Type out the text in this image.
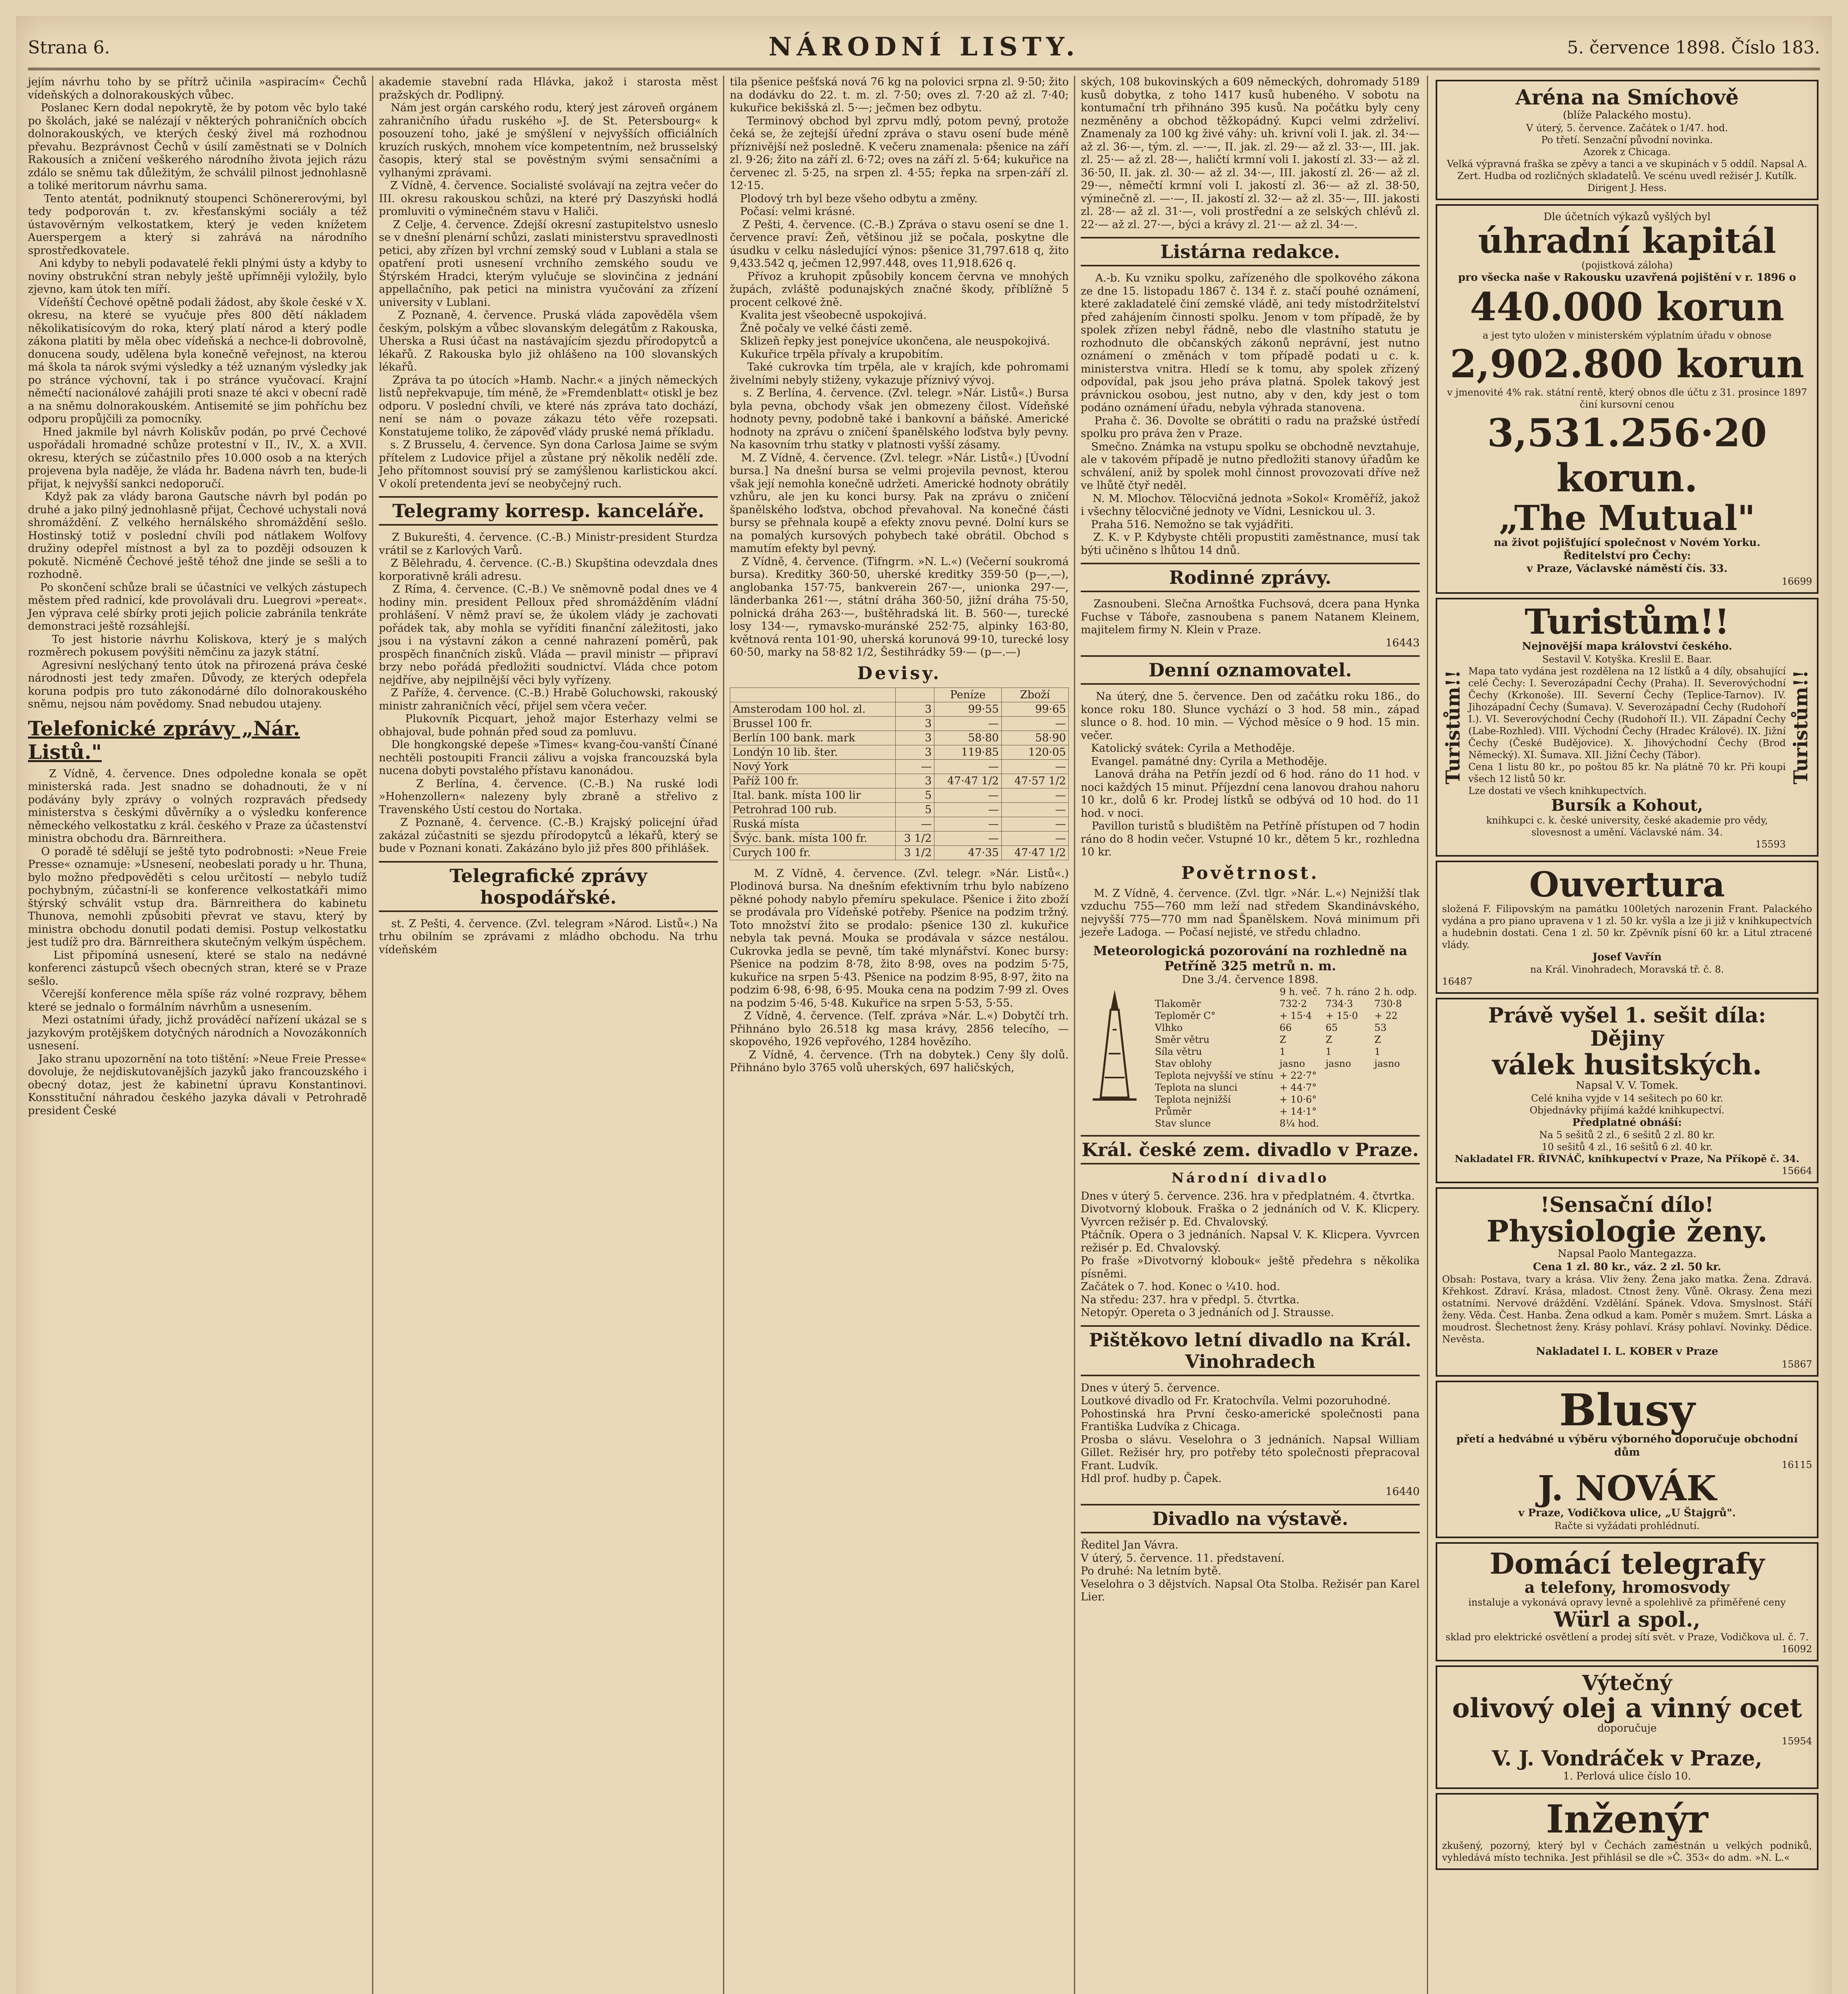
Strana 6.	NÁRODNÍ LISTY.	5. července 1898. Číslo 183.
jejím návrhu toho by se přítrž učinila »aspiracím« Čechů vídeňských a dolnorakouských vůbec.
Poslanec Kern dodal nepokrytě, že by potom věc bylo také po školách, jaké se nalézají v některých pohraničních obcích dolnorakouských, ve kterých český živel má rozhodnou převahu. Bezprávnost Čechů v úsilí zaměstnati se v Dolních Rakousích a zničení veškerého národního života jejich rázu zdálo se sněmu tak důležitým, že schválil pilnost jednohlasně a toliké meritorum návrhu sama.
Tento atentát, podniknutý stoupenci Schönererovými, byl tedy podporován t. zv. křesťanskými sociály a též ústavověrným velkostatkem, který je veden knížetem Auerspergem a který si zahrává na národního sprostředkovatele.
Ani kdyby to nebyli podavatelé řekli plnými ústy a kdyby to noviny obstrukční stran nebyly ještě upřímněji vyložily, bylo zjevno, kam útok ten míří.
Vídeňští Čechové opětně podali žádost, aby škole české v X. okresu, na které se vyučuje přes 800 dětí nákladem několikatisícovým do roka, který platí národ a který podle zákona platiti by měla obec vídeňská a nechce-li dobrovolně, donucena soudy, udělena byla konečně veřejnost, na kterou má škola ta nárok svými výsledky a též uznaným výsledky jak po stránce výchovní, tak i po stránce vyučovací. Krajní němečtí nacionálové zahájili proti snaze té akci v obecní radě a na sněmu dolnorakouském. Antisemité se jim pohříchu bez odporu propůjčili za pomocníky.
Hned jakmile byl návrh Koliskův podán, po prvé Čechové uspořádali hromadné schůze protestní v II., IV., X. a XVII. okresu, kterých se zúčastnilo přes 10.000 osob a na kterých projevena byla naděje, že vláda hr. Badena návrh ten, bude-li přijat, k nejvyšší sankci nedoporučí.
Když pak za vlády barona Gautsche návrh byl podán po druhé a jako pilný jednohlasně přijat, Čechové uchystali nová shromáždění. Z velkého hernálského shromáždění sešlo. Hostinský totiž v poslední chvíli pod nátlakem Wolfovy družiny odepřel místnost a byl za to později odsouzen k pokutě. Nicméně Čechové ještě téhož dne jinde se sešli a to rozhodně.
Po skončení schůze brali se účastníci ve velkých zástupech městem před radnicí, kde provolávali dru. Luegrovi »pereat«. Jen výprava celé sbírky proti jejich policie zabránila tenkráte demonstraci ještě rozsáhlejší.
To jest historie návrhu Koliskova, který je s malých rozměrech pokusem povýšiti němčinu za jazyk státní.
Agresivní neslýchaný tento útok na přirozená práva české národnosti jest tedy zmařen. Důvody, ze kterých odepřela koruna podpis pro tuto zákonodárné dílo dolnorakouského sněmu, nejsou nám povědomy. Snad nebudou utajeny.
Telefonické zprávy „Nár. Listů."
Z Vídně, 4. července. Dnes odpoledne konala se opět ministerská rada. Jest snadno se dohadnouti, že v ní podávány byly zprávy o volných rozpravách předsedy ministerstva s českými důvěrníky a o výsledku konference německého velkostatku z král. českého v Praze za účastenství ministra obchodu dra. Bärnreithera.
O poradě té sdělují se ještě tyto podrobnosti: »Neue Freie Presse« oznamuje: »Usnesení, neobeslati porady u hr. Thuna, bylo možno předpověděti s celou určitostí — nebylo tudíž pochybným, zúčastní-li se konference velkostatkáři mimo štýrský schválit vstup dra. Bärnreithera do kabinetu Thunova, nemohli způsobiti převrat ve stavu, který by ministra obchodu donutil podati demisi. Postup velkostatku jest tudíž pro dra. Bärnreithera skutečným velkým úspěchem.
List připomíná usnesení, které se stalo na nedávné konferenci zástupců všech obecných stran, které se v Praze sešlo.
Včerejší konference měla spíše ráz volné rozpravy, během které se jednalo o formálním návrhům a usnesením.
Mezi ostatními úřady, jichž prováděcí nařízení ukázal se s jazykovým protějškem dotyčných národních a Novozákonních usnesení.
Jako stranu upozornění na toto tištění: »Neue Freie Presse« dovoluje, že nejdiskutovanějších jazyků jako francouzského i obecný dotaz, jest že kabinetní úpravu Konstantinovi. Konsstituční náhradou českého jazyka dávali v Petrohradě president České
akademie stavební rada Hlávka, jakož i starosta měst pražských dr. Podlipný.
Nám jest orgán carského rodu, který jest zároveň orgánem zahraničního úřadu ruského »J. de St. Petersbourg« k posouzení toho, jaké je smýšlení v nejvyšších officiálních kruzích ruských, mnohem více kompetentním, než brusselský časopis, který stal se pověstným svými sensačními a vylhanými zprávami.
Z Vídně, 4. července. Socialisté svolávají na zejtra večer do III. okresu rakouskou schůzi, na které prý Daszyński hodlá promluviti o výminečném stavu v Haliči.
Z Celje, 4. července. Zdejší okresní zastupitelstvo usneslo se v dnešní plenární schůzi, zaslati ministerstvu spravedlnosti petici, aby zřízen byl vrchní zemský soud v Lublani a stala se opatření proti usnesení vrchního zemského soudu ve Štýrském Hradci, kterým vylučuje se slovinčina z jednání appellačního, pak petici na ministra vyučování za zřízení university v Lublani.
Z Poznaně, 4. července. Pruská vláda zapověděla všem českým, polským a vůbec slovanským delegátům z Rakouska, Uherska a Rusi účast na nastávajícím sjezdu přírodopytců a lékařů. Z Rakouska bylo již ohlášeno na 100 slovanských lékařů.
Zpráva ta po útocích »Hamb. Nachr.« a jiných německých listů nepřekvapuje, tím méně, že »Fremdenblatt« otiskl je bez odporu. V poslední chvíli, ve které nás zpráva tato dochází, není se nám o povaze zákazu této věře rozepsati. Konstatujeme toliko, že zápověď vlády pruské nemá příkladu.
s. Z Brusselu, 4. července. Syn dona Carlosa Jaime se svým přítelem z Ludovice přijel a zůstane prý několik nedělí zde. Jeho přítomnost souvisí prý se zamýšlenou karlistickou akcí. V okolí pretendenta jeví se neobyčejný ruch.
Telegramy korresp. kanceláře.
Z Bukurešti, 4. července. (C.-B.) Ministr-president Sturdza vrátil se z Karlových Varů.
Z Bělehradu, 4. července. (C.-B.) Skupština odevzdala dnes korporativně králi adresu.
Z Ríma, 4. července. (C.-B.) Ve sněmovně podal dnes ve 4 hodiny min. president Pelloux před shromážděním vládní prohlášení. V němž praví se, že úkolem vlády je zachovati pořádek tak, aby mohla se vyříditi finanční záležitosti, jako jsou i na výstavní zákon a cenné nahrazení poměrů, pak prospěch finančních zisků. Vláda — pravil ministr — připraví brzy nebo pořádá předložiti soudnictví. Vláda chce potom nejdříve, aby nejpilnější věci byly vyřízeny.
Z Paříže, 4. července. (C.-B.) Hrabě Goluchowski, rakouský ministr zahraničních věcí, přijel sem včera večer.
Plukovník Picquart, jehož major Esterhazy velmi se obhajoval, bude pohnán před soud za pomluvu.
Dle hongkongské depeše »Times« kvang-čou-vanští Čínané nechtěli postoupiti Francii zálivu a vojska francouzská byla nucena dobyti povstalého přístavu kanonádou.
Z Berlína, 4. července. (C.-B.) Na ruské lodi »Hohenzollern« nalezeny byly zbraně a střelivo z Travenského Ústí cestou do Nortaka.
Z Poznaně, 4. července. (C.-B.) Krajský policejní úřad zakázal zúčastniti se sjezdu přírodopytců a lékařů, který se bude v Poznani konati. Zakázáno bylo již přes 800 přihlášek.
Telegrafické zprávy hospodářské.
st. Z Pešti, 4. července. (Zvl. telegram »Národ. Listů«.) Na trhu obilním se zprávami z mládho obchodu. Na trhu vídeňském
tila pšenice pešťská nová 76 kg na polovici srpna zl. 9·50; žito na dodávku do 22. t. m. zl. 7·50; oves zl. 7·20 až zl. 7·40; kukuřice bekišská zl. 5·—; ječmen bez odbytu.
Terminový obchod byl zprvu mdlý, potom pevný, protože čeká se, že zejtejší úřední zpráva o stavu osení bude méně příznivější než posledně. K večeru znamenala: pšenice na září zl. 9·26; žito na září zl. 6·72; oves na září zl. 5·64; kukuřice na červenec zl. 5·25, na srpen zl. 4·55; řepka na srpen-září zl. 12·15.
Plodový trh byl beze všeho odbytu a změny.
Počasí: velmi krásné.
Z Pešti, 4. července. (C.-B.) Zpráva o stavu osení se dne 1. července praví: Žeň, většinou již se počala, poskytne dle úsudku v celku následující výnos: pšenice 31,797.618 q, žito 9,433.542 q, ječmen 12,997.448, oves 11,918.626 q.
Přívoz a kruhopit způsobily koncem června ve mnohých župách, zvláště podunajských značné škody, příblížně 5 procent celkové žně.
Kvalita jest všeobecně uspokojivá.
Žně počaly ve velké části země.
Sklizeň řepky jest ponejvíce ukončena, ale neuspokojivá.
Kukuřice trpěla přívaly a krupobitím.
Také cukrovka tím trpěla, ale v krajích, kde pohromami živelními nebyly stiženy, vykazuje příznivý vývoj.
s. Z Berlína, 4. července. (Zvl. telegr. »Nár. Listů«.) Bursa byla pevna, obchody však jen obmezeny čilost. Vídeňské hodnoty pevny, podobně také i bankovní a báňské. Americké hodnoty na zprávu o zničení španělského loďstva byly pevny. Na kasovním trhu statky v platnosti vyšší zásamy.
M. Z Vídně, 4. července. (Zvl. telegr. »Nár. Listů«.) [Úvodní bursa.] Na dnešní bursa se velmi projevila pevnost, kterou však její nemohla konečně udržeti. Americké hodnoty obrátily vzhůru, ale jen ku konci bursy. Pak na zprávu o zničení španělského loďstva, obchod převahoval. Na konečné části bursy se přehnala koupě a efekty znovu pevné. Dolní kurs se na pomalých kursových pohybech také obrátil. Obchod s mamutím efekty byl pevný.
Z Vídně, 4. července. (Tifngrm. »N. L.«) (Večerní soukromá bursa). Kreditky 360·50, uherské kreditky 359·50 (p—,—), anglobanka 157·75, bankverein 267·—, unionka 297·—, länderbanka 261·—, státní dráha 360·50, jižní dráha 75·50, polnická dráha 263·—, buštěhradská lit. B. 560·—, turecké losy 134·—, rymavsko-muránské 252·75, alpinky 163·80, květnová renta 101·90, uherská korunová 99·10, turecké losy 60·50, marky na 58·82 1/2, Šestihrádky 59·— (p—.—)
Devisy.
		Peníze	Zboží
Amsterodam 100 hol. zl.	3	99·55	99·65
Brussel 100 fr.	3	—	—
Berlín 100 bank. mark	3	58·80	58·90
Londýn 10 lib. šter.	3	119·85	120·05
Nový York	—	—	—
Paříž 100 fr.	3	47·47 1/2	47·57 1/2
Ital. bank. místa 100 lir	5	—	—
Petrohrad 100 rub.	5	—	—
Ruská místa	—	—	—
Švýc. bank. místa 100 fr.	3 1/2	—	—
Curych 100 fr.	3 1/2	47·35	47·47 1/2
M. Z Vídně, 4. července. (Zvl. telegr. »Nár. Listů«.) Plodinová bursa. Na dnešním efektivním trhu bylo nabízeno pěkné pohody nabylo přemíru spekulace. Pšenice i žito zboží se prodávala pro Vídeňské potřeby. Pšenice na podzim tržný. Toto množství žito se prodalo: pšenice 130 zl. kukuřice nebyla tak pevná. Mouka se prodávala v sázce nestálou. Cukrovka jedla se pevně, tím také mlynářství. Konec bursy: Pšenice na podzim 8·78, žito 8·98, oves na podzim 5·75, kukuřice na srpen 5·43. Pšenice na podzim 8·95, 8·97, žito na podzim 6·98, 6·98, 6·95. Mouka cena na podzim 7·99 zl. Oves na podzim 5·46, 5·48. Kukuřice na srpen 5·53, 5·55.
Z Vídně, 4. července. (Telf. zpráva »Nár. L.«) Dobytčí trh. Přihnáno bylo 26.518 kg masa krávy, 2856 telecího, — skopového, 1926 vepřového, 1284 hovězího.
Z Vídně, 4. července. (Trh na dobytek.) Ceny šly dolů. Přihnáno bylo 3765 volů uherských, 697 haličských,
ských, 108 bukovinských a 609 německých, dohromady 5189 kusů dobytka, z toho 1417 kusů hubeného. V sobotu na kontumační trh přihnáno 395 kusů. Na počátku byly ceny nezměněny a obchod těžkopádný. Kupci velmi zdrželiví. Znamenaly za 100 kg živé váhy: uh. krivní voli I. jak. zl. 34·— až zl. 36·—, tým. zl. —·—, II. jak. zl. 29·— až zl. 33·—, III. jak. zl. 25·— až zl. 28·—, haličtí krmní voli I. jakostí zl. 33·— až zl. 36·50, II. jak. zl. 30·— až zl. 34·—, III. jakostí zl. 26·— až zl. 29·—, němečtí krmní voli I. jakostí zl. 36·— až zl. 38·50, výminečně zl. —·—, II. jakostí zl. 32·— až zl. 35·—, III. jakosti zl. 28·— až zl. 31·—, voli prostřední a ze selských chlévů zl. 22·— až zl. 27·—, býci a krávy zl. 21·— až zl. 34·—.
Listárna redakce.
A.-b. Ku vzniku spolku, zařízeného dle spolkového zákona ze dne 15. listopadu 1867 č. 134 ř. z. stačí pouhé oznámení, které zakladatelé činí zemské vládě, ani tedy místodržitelství před zahájením činnosti spolku. Jenom v tom případě, že by spolek zřízen nebyl řádně, nebo dle vlastního statutu je rozhodnuto dle občanských zákonů neprávní, jest nutno oznámení o změnách v tom případě podati u c. k. ministerstva vnitra. Hledí se k tomu, aby spolek zřízený odpovídal, pak jsou jeho práva platná. Spolek takový jest právnickou osobou, jest nutno, aby v den, kdy jest o tom podáno oznámení úřadu, nebyla výhrada stanovena.
Praha č. 36. Dovolte se obrátiti o radu na pražské ústředí spolku pro práva žen v Praze.
Smečno. Známka na vstupu spolku se obchodně nevztahuje, ale v takovém případě je nutno předložiti stanovy úřadům ke schválení, aniž by spolek mohl činnost provozovati dříve než ve lhůtě čtyř neděl.
N. M. Mlochov. Tělocvičná jednota »Sokol« Kroměříž, jakož i všechny tělocvičné jednoty ve Vídni, Lesnickou ul. 3.
Praha 516. Nemožno se tak vyjádřiti.
Z. K. v P. Kdybyste chtěli propustiti zaměstnance, musí tak býti učiněno s lhůtou 14 dnů.
Rodinné zprávy.
Zasnoubeni. Slečna Arnoštka Fuchsová, dcera pana Hynka Fuchse v Táboře, zasnoubena s panem Natanem Kleinem, majitelem firmy N. Klein v Praze.
16443
Denní oznamovatel.
Na úterý, dne 5. července. Den od začátku roku 186., do konce roku 180. Slunce vychází o 3 hod. 58 min., západ slunce o 8. hod. 10 min. — Východ měsíce o 9 hod. 15 min. večer.
Katolický svátek: Cyrila a Methoděje.
Evangel. památné dny: Cyrila a Methoděje.
Lanová dráha na Petřín jezdí od 6 hod. ráno do 11 hod. v noci každých 15 minut. Příjezdní cena lanovou drahou nahoru 10 kr., dolů 6 kr. Prodej lístků se odbývá od 10 hod. do 11 hod. v noci.
Pavillon turistů s bludištěm na Petříně přístupen od 7 hodin ráno do 8 hodin večer. Vstupné 10 kr., dětem 5 kr., rozhledna 10 kr.
Povětrnost.
M. Z Vídně, 4. července. (Zvl. tlgr. »Nár. L.«) Nejnižší tlak vzduchu 755—760 mm leží nad středem Skandinávského, nejvyšší 775—770 mm nad Španělskem. Nová minimum při jezeře Ladoga. — Počasí nejisté, ve středu chladno.
Meteorologická pozorování na rozhledně na Petříně 325 metrů n. m.
Dne 3./4. července 1898.
	9 h. več.	7 h. ráno	2 h. odp.
Tlakoměr	732·2	734·3	730·8
Teploměr C°	+ 15·4	+ 15·0	+ 22
Vlhko	66	65	53
Směr větru	Z	Z	Z
Síla větru	1	1	1
Stav oblohy	jasno	jasno	jasno
Teplota nejvyšší ve stínu	+ 22·7°		
Teplota na slunci	+ 44·7°		
Teplota nejnižší	+ 10·6°		
Průměr	+ 14·1°		
Stav slunce	8¼ hod.		
Král. české zem. divadlo v Praze.
Národní divadlo
Dnes v úterý 5. července. 236. hra v předplatném. 4. čtvrtka.
Divotvorný klobouk. Fraška o 2 jednáních od V. K. Klicpery. Vyvrcen režisér p. Ed. Chvalovský.
Ptáčník. Opera o 3 jednáních. Napsal V. K. Klicpera. Vyvrcen režisér p. Ed. Chvalovský.
Po fraše »Divotvorný klobouk« ještě předehra s několika písněmi.
Začátek o 7. hod. Konec o ¼10. hod.
Na středu: 237. hra v předpl. 5. čtvrtka.
Netopýr. Opereta o 3 jednáních od J. Strausse.
Pištěkovo letní divadlo na Král. Vinohradech
Dnes v úterý 5. července.
Loutkové divadlo od Fr. Kratochvíla. Velmi pozoruhodné.
Pohostinská hra První česko-americké společnosti pana Františka Ludvíka z Chicaga.
Prosba o slávu. Veselohra o 3 jednáních. Napsal William Gillet. Režisér hry, pro potřeby této společnosti přepracoval Frant. Ludvík.
Hdl prof. hudby p. Čapek.
16440
Divadlo na výstavě.
Ředitel Jan Vávra.
V úterý, 5. července. 11. představení.
Po druhé: Na letním bytě.
Veselohra o 3 dějstvích. Napsal Ota Stolba. Režisér pan Karel Lier.
Aréna na Smíchově
(blíže Palackého mostu).
V úterý, 5. července. Začátek o 1/47. hod.
Po třetí. Senzační původní novinka.
Azorek z Chicaga.
Velká výpravná fraška se zpěvy a tanci a ve skupinách v 5 oddíl. Napsal A. Zert. Hudba od rozličných skladatelů. Ve scénu uvedl režisér J. Kutílk. Dirigent J. Hess.
Dle účetních výkazů vyšlých byl
úhradní kapitál
(pojistková záloha)
pro všecka naše v Rakousku uzavřená pojištění v r. 1896 o
440.000 korun
a jest tyto uložen v ministerském výplatním úřadu v obnose
2,902.800 korun
v jmenovité 4% rak. státní rentě, který obnos dle účtu z 31. prosince 1897 činí kursovní cenou
3,531.256·20 korun.
„The Mutual"
na život pojišťující společnost v Novém Yorku.
Ředitelství pro Čechy:
v Praze, Václavské náměstí čís. 33.
16699
Turistům!!
Turistům!!
Nejnovější mapa království českého.
Sestavil V. Kotyška. Kreslil E. Baar.
Mapa tato vydána jest rozdělena na 12 lístků a 4 díly, obsahující celé Čechy: I. Severozápadní Čechy (Praha). II. Severovýchodní Čechy (Krkonoše). III. Severní Čechy (Teplice-Tarnov). IV. Jihozápadní Čechy (Šumava). V. Severozápadní Čechy (Rudohoří I.). VI. Severovýchodní Čechy (Rudohoří II.). VII. Západní Čechy (Labe-Rozhled). VIII. Východní Čechy (Hradec Králové). IX. Jižní Čechy (České Budějovice). X. Jihovýchodní Čechy (Brod Německý). XI. Šumava. XII. Jižní Čechy (Tábor).
Cena 1 listu 80 kr., po poštou 85 kr. Na plátně 70 kr. Při koupi všech 12 listů 50 kr.
Lze dostati ve všech knihkupectvích.
Bursík a Kohout,
knihkupci c. k. české university, české akademie pro vědy, slovesnost a umění. Václavské nám. 34.
15593
Turistům!!
Ouvertura
složená F. Filipovským na památku 100letých narozenin Frant. Palackého vydána a pro piano upravena v 1 zl. 50 kr. vyšla a lze ji již v knihkupectvích a hudebnin dostati. Cena 1 zl. 50 kr. Zpěvník písní 60 kr. a Litul ztracené vlády.
Josef Vavřín
na Král. Vinohradech, Moravská tř. č. 8.
16487
Právě vyšel 1. sešit díla:
Dějiny
válek husitských.
Napsal V. V. Tomek.
Celé kniha vyjde v 14 sešitech po 60 kr.
Objednávky přijímá každé knihkupectví.
Předplatné obnáší:
Na 5 sešitů 2 zl., 6 sešitů 2 zl. 80 kr.
10 sešitů 4 zl., 16 sešitů 6 zl. 40 kr.
Nakladatel FR. ŘIVNÁČ, knihkupectví v Praze, Na Příkopě č. 34.
15664
!Sensační dílo!
Physiologie ženy.
Napsal Paolo Mantegazza.
Cena 1 zl. 80 kr., váz. 2 zl. 50 kr.
Obsah: Postava, tvary a krása. Vliv ženy. Žena jako matka. Žena. Zdravá. Křehkost. Zdraví. Krása, mladost. Ctnost ženy. Vůně. Okrasy. Žena mezi ostatními. Nervové dráždění. Vzdělání. Spánek. Vdova. Smyslnost. Stáří ženy. Věda. Čest. Hanba. Žena odkud a kam. Poměr s mužem. Smrt. Láska a moudrost. Šlechetnost ženy. Krásy pohlaví. Krásy pohlaví. Novinky. Dědice. Nevěsta.
Nakladatel I. L. KOBER v Praze
15867
Blusy
přetí a hedvábné u výběru výborného doporučuje obchodní dům
16115
J. NOVÁK
v Praze, Vodičkova ulice, „U Štajgrů".
Račte si vyžádati prohlédnutí.
Domácí telegrafy
a telefony, hromosvody
instaluje a vykonává opravy levně a spolehlivě za přiměřené ceny
Würl a spol.,
sklad pro elektrické osvětlení a prodej sítí svět. v Praze, Vodičkova ul. č. 7.
16092
Výtečný
olivový olej a vinný ocet
doporučuje
15954
V. J. Vondráček v Praze,
1. Perlová ulice číslo 10.
Inženýr
zkušený, pozorný, který byl v Čechách zaměstnán u velkých podniků, vyhledává místo technika. Jest přihlásil se dle »Č. 353« do adm. »N. L.«
